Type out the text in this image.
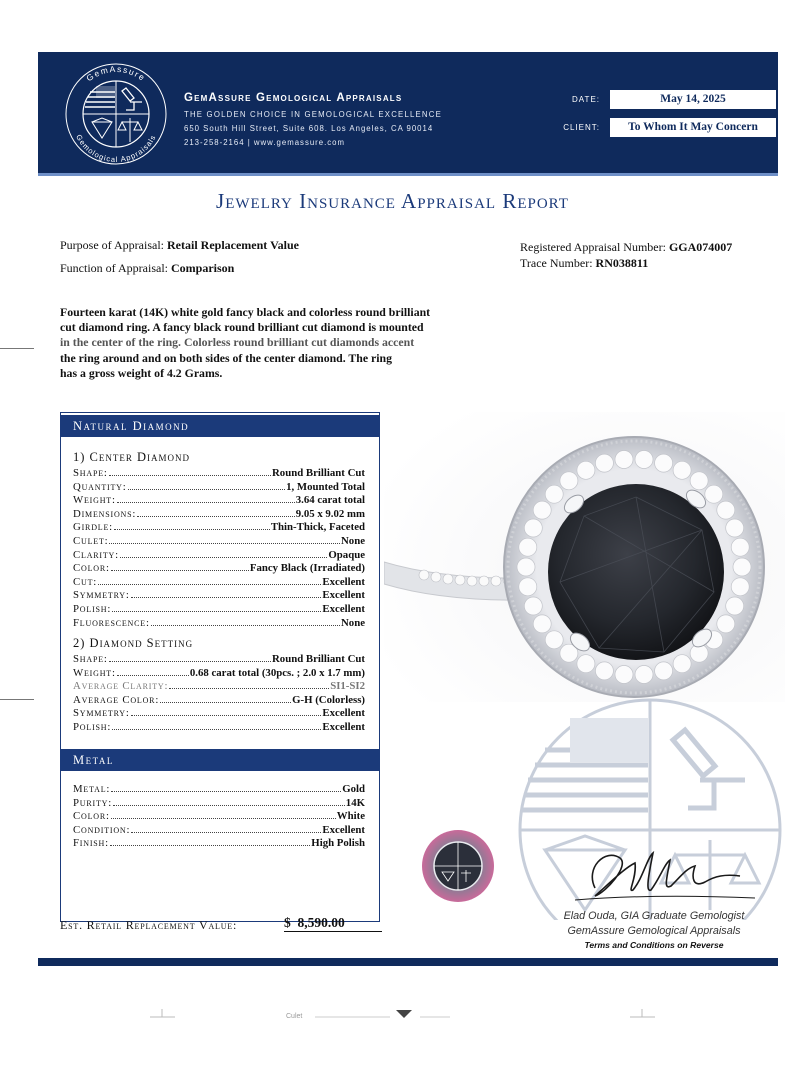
GemAssure
Gemological Appraisals
GemAssure Gemological Appraisals
THE GOLDEN CHOICE IN GEMOLOGICAL EXCELLENCE
650 South Hill Street, Suite 608. Los Angeles, CA 90014
213-258-2164 | www.gemassure.com
DATE:	May 14, 2025
CLIENT:	To Whom It May Concern
Jewelry Insurance Appraisal Report
Purpose of Appraisal: Retail Replacement Value
Function of Appraisal: Comparison
Registered Appraisal Number: GGA074007
Trace Number: RN038811
Fourteen karat (14K) white gold fancy black and colorless round brilliant
cut diamond ring. A fancy black round brilliant cut diamond is mounted
in the center of the ring. Colorless round brilliant cut diamonds accent
the ring around and on both sides of the center diamond. The ring
has a gross weight of 4.2 Grams.
Natural Diamond
1) Center Diamond
Shape:	Round Brilliant Cut
Quantity:	1, Mounted Total
Weight:	3.64 carat total
Dimensions:	9.05 x 9.02 mm
Girdle:	Thin-Thick, Faceted
Culet:	None
Clarity:	Opaque
Color:	Fancy Black (Irradiated)
Cut:	Excellent
Symmetry:	Excellent
Polish:	Excellent
Fluorescence:	None
2) Diamond Setting
Shape:	Round Brilliant Cut
Weight:	0.68 carat total (30pcs. ; 2.0 x 1.7 mm)
Average Clarity:	SI1-SI2
Average Color:	G-H (Colorless)
Symmetry:	Excellent
Polish:	Excellent
Metal
Metal:	Gold
Purity:	14K
Color:	White
Condition:	Excellent
Finish:	High Polish
Est. Retail Replacement Value:	$ 8,590.00	Elad Ouda, GIA Graduate Gemologist
GemAssure Gemological Appraisals
Terms and Conditions on Reverse
Culet
